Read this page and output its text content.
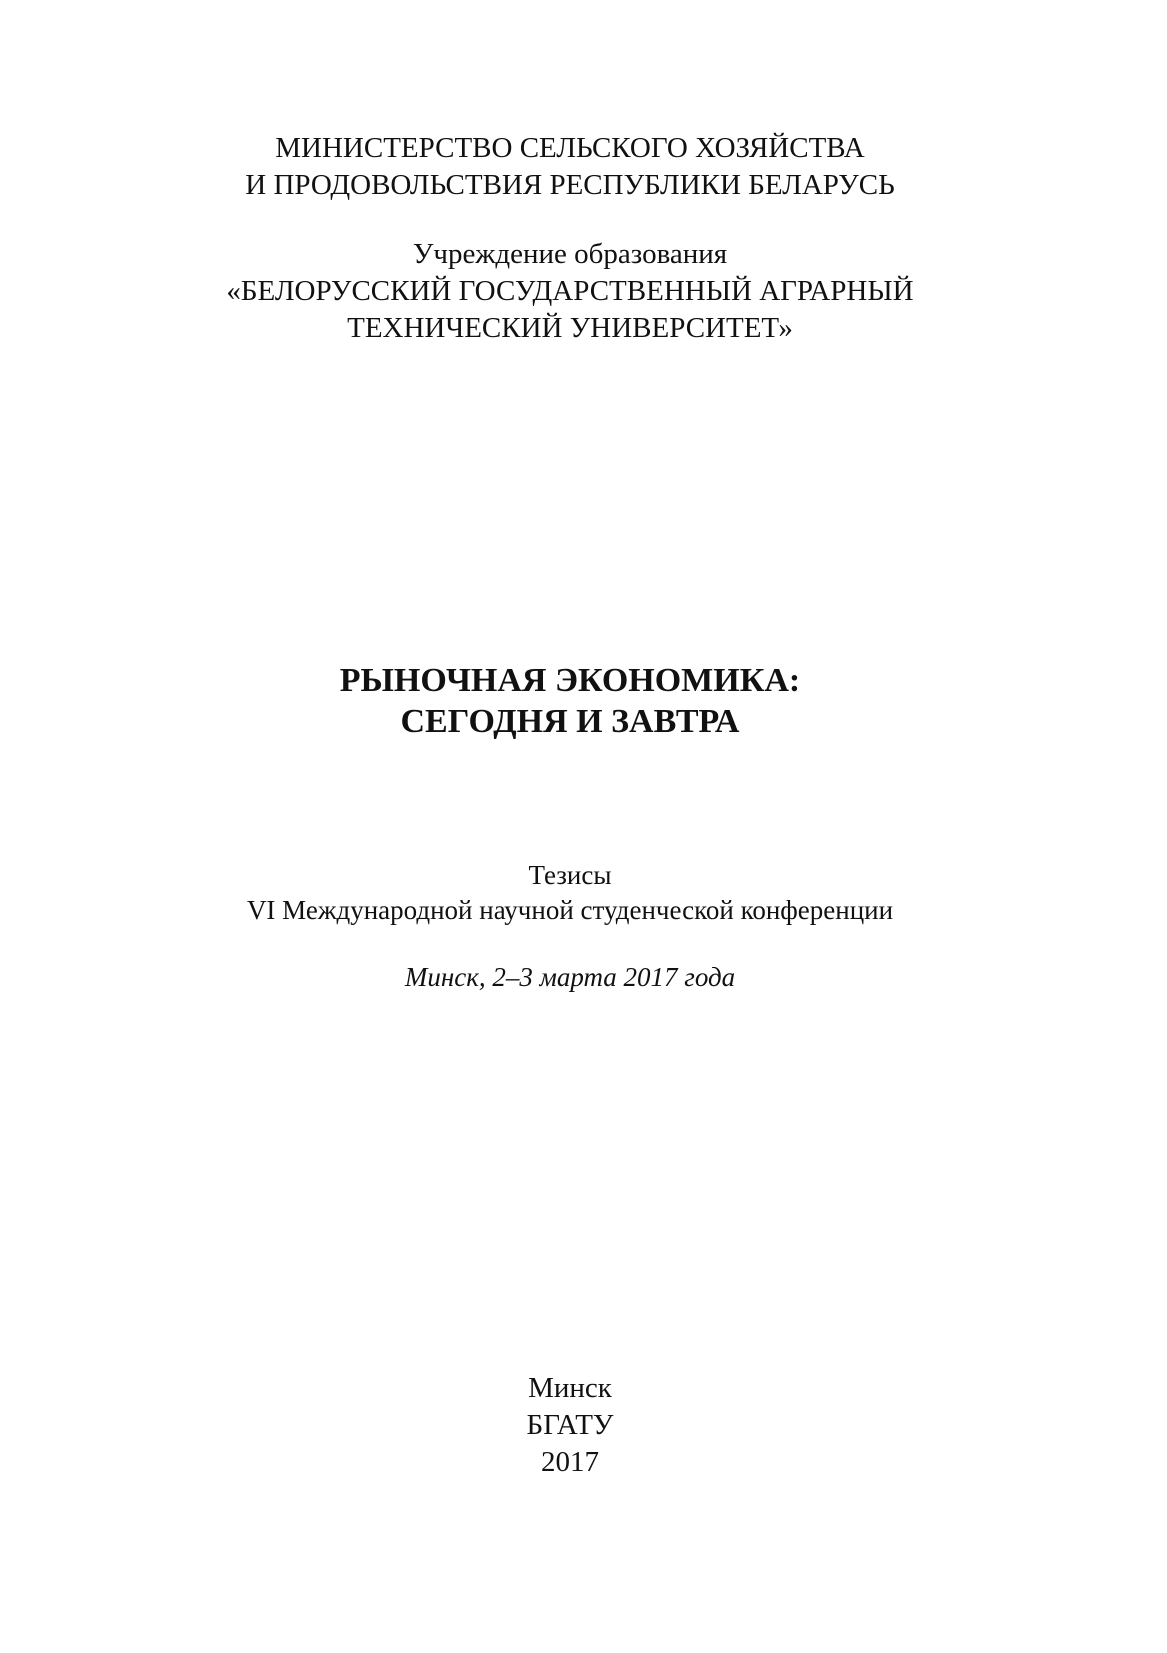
МИНИСТЕРСТВО СЕЛЬСКОГО ХОЗЯЙСТВА
И ПРОДОВОЛЬСТВИЯ РЕСПУБЛИКИ БЕЛАРУСЬ
Учреждение образования
«БЕЛОРУССКИЙ ГОСУДАРСТВЕННЫЙ АГРАРНЫЙ
ТЕХНИЧЕСКИЙ УНИВЕРСИТЕТ»
РЫНОЧНАЯ ЭКОНОМИКА:
СЕГОДНЯ И ЗАВТРА
Тезисы
VI Международной научной студенческой конференции
Минск, 2–3 марта 2017 года
Минск
БГАТУ
2017
